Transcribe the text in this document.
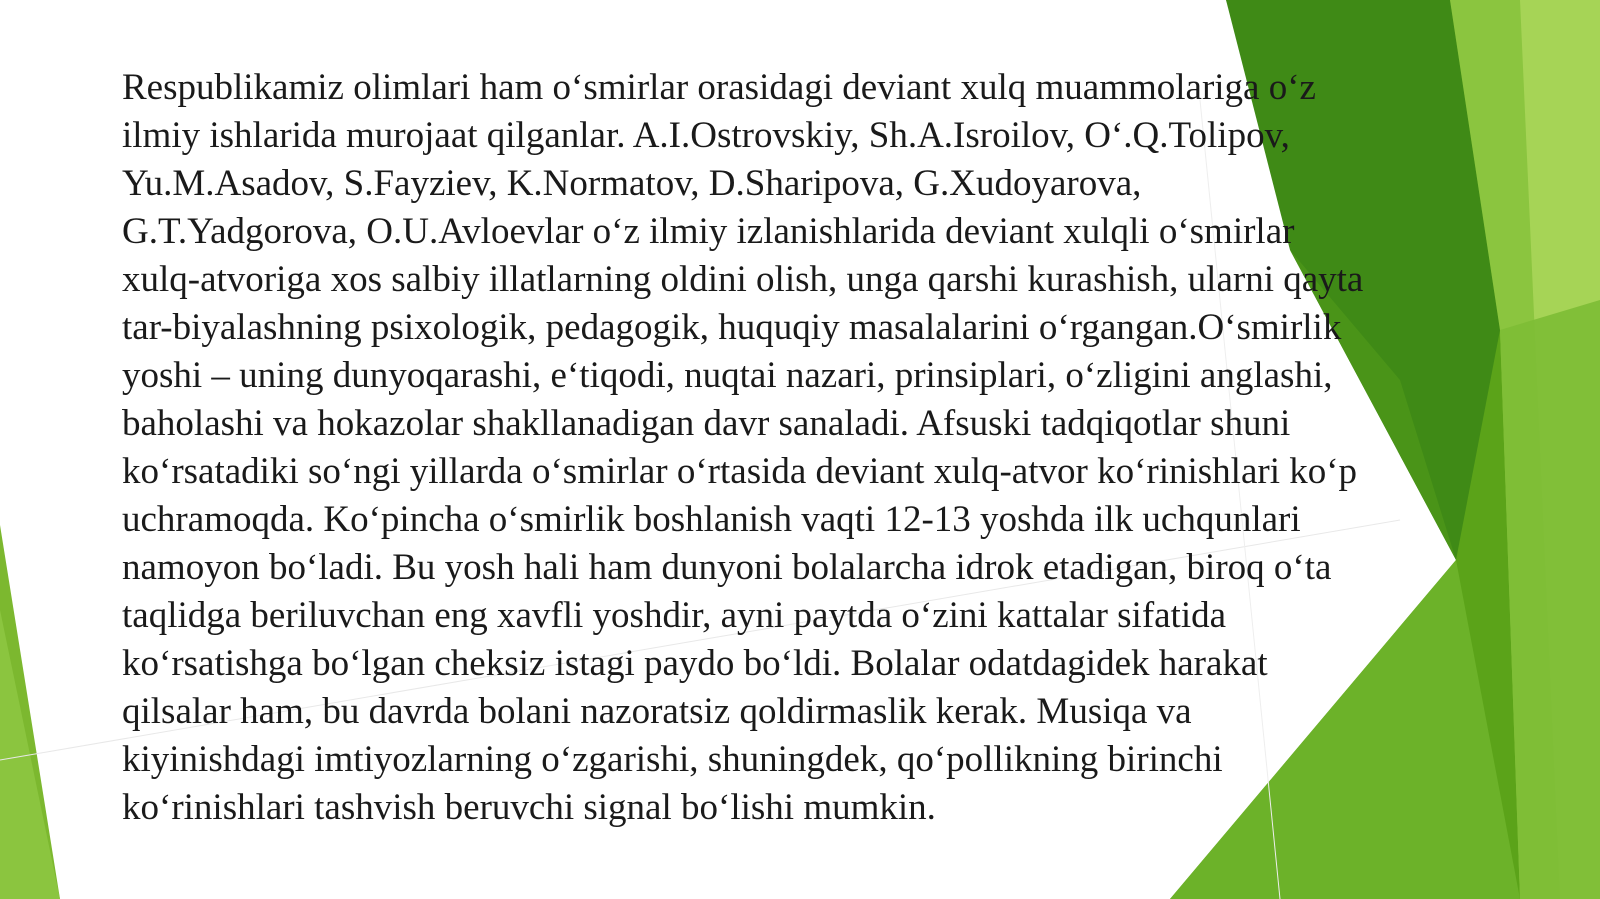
Respublikamiz olimlari ham o‘smirlar orasidagi deviant xulq muammolariga o‘z
ilmiy ishlarida murojaat qilganlar. A.I.Ostrovskiy, Sh.A.Isroilov, O‘.Q.Tolipov,
Yu.M.Asadov, S.Fayziev, K.Normatov, D.Sharipova, G.Xudoyarova,
G.T.Yadgorova, O.U.Avloevlar o‘z ilmiy izlanishlarida deviant xulqli o‘smirlar
xulq-atvoriga xos salbiy illatlarning oldini olish, unga qarshi kurashish, ularni qayta
tar-biyalashning psixologik, pedagogik, huquqiy masalalarini o‘rgangan.O‘smirlik
yoshi – uning dunyoqarashi, e‘tiqodi, nuqtai nazari, prinsiplari, o‘zligini anglashi,
baholashi va hokazolar shakllanadigan davr sanaladi. Afsuski tadqiqotlar shuni
ko‘rsatadiki so‘ngi yillarda o‘smirlar o‘rtasida deviant xulq-atvor ko‘rinishlari ko‘p
uchramoqda. Ko‘pincha o‘smirlik boshlanish vaqti 12-13 yoshda ilk uchqunlari
namoyon bo‘ladi. Bu yosh hali ham dunyoni bolalarcha idrok etadigan, biroq o‘ta
taqlidga beriluvchan eng xavfli yoshdir, ayni paytda o‘zini kattalar sifatida
ko‘rsatishga bo‘lgan cheksiz istagi paydo bo‘ldi. Bolalar odatdagidek harakat
qilsalar ham, bu davrda bolani nazoratsiz qoldirmaslik kerak. Musiqa va
kiyinishdagi imtiyozlarning o‘zgarishi, shuningdek, qo‘pollikning birinchi
ko‘rinishlari tashvish beruvchi signal bo‘lishi mumkin.
